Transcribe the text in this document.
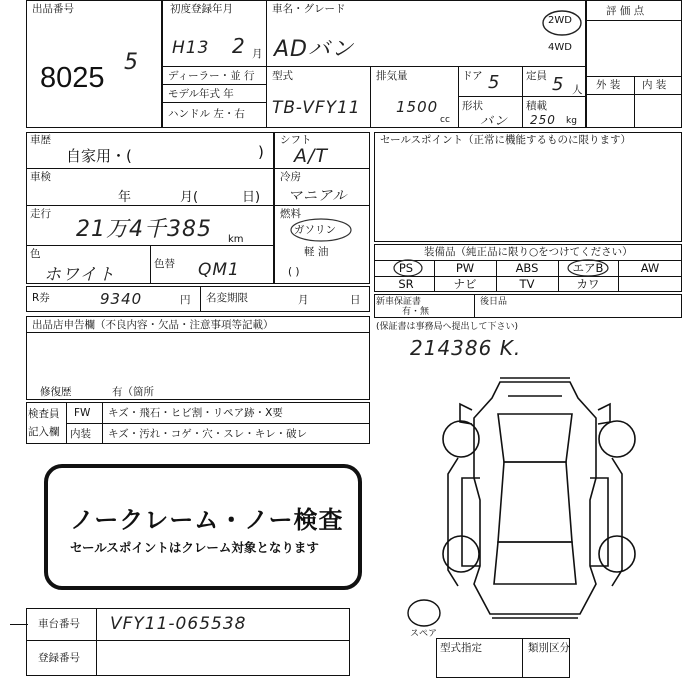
出品番号
8025 5
初度登録年月
H13 2 月
車名・グレード
ADバン
2WD
4WD
ディーラー・並 行
モデル年式 年
ハンドル 左・右
型式
TB-VFY11
排気量
1500
cc
ドア 5 定員 5 人
形状
バン
積載
250 kg
評 価 点
外 装 内 装
車歴
自家用・(	)
車検
年	月(	日)
走行
21万4千385 km
色
ホワイト
色替 QM1
シフト
A/T
冷房
マニアル
燃料
ガソリン
軽 油
( )
セールスポイント（正常に機能するものに限ります）
装備品（純正品に限り○をつけてください）
PS	PW	ABS	エアB	AW
SR	ナビ	TV	カワ
R券	9340	円 名変期限	月	日 新車保証書
有・無
後日品
(保証書は事務局へ提出して下さい)
214386 K.
出品店申告欄（不良内容・欠品・注意事項等記載）
修復歴	有（箇所
検査員
記入欄
FW キズ・飛石・ヒビ割・リペア跡・X要
内装 キズ・汚れ・コゲ・穴・スレ・キレ・破レ
ノークレーム・ノー検査
セールスポイントはクレーム対象となります
車台番号 VFY11-065538
登録番号
スペア
型式指定	類別区分
